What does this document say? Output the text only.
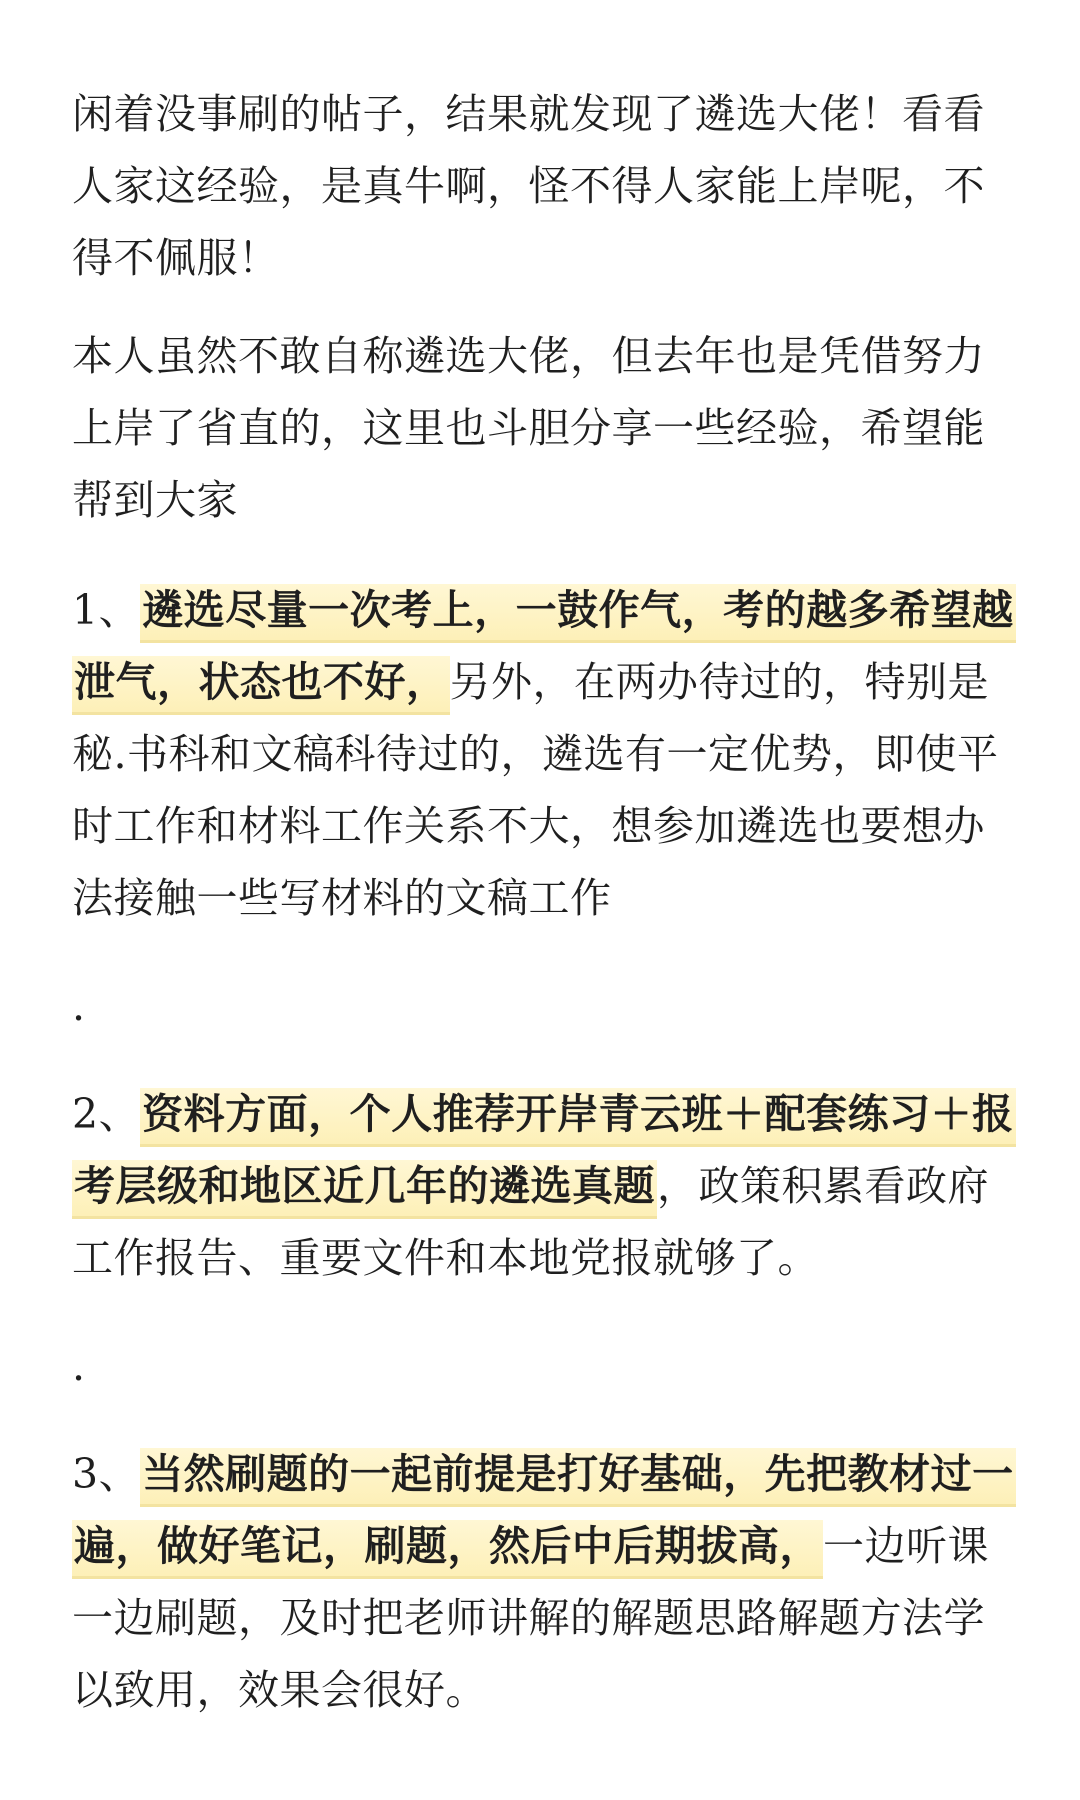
闲着没事刷的帖子，结果就发现了遴选大佬！看看人家这经验，是真牛啊，怪不得人家能上岸呢，不得不佩服！

本人虽然不敢自称遴选大佬，但去年也是凭借努力上岸了省直的，这里也斗胆分享一些经验，希望能帮到大家

1、遴选尽量一次考上，一鼓作气，考的越多希望越泄气，状态也不好，另外，在两办待过的，特别是秘.书科和文稿科待过的，遴选有一定优势，即使平时工作和材料工作关系不大，想参加遴选也要想办法接触一些写材料的文稿工作

.

2、资料方面，个人推荐开岸青云班＋配套练习＋报考层级和地区近几年的遴选真题，政策积累看政府工作报告、重要文件和本地党报就够了。

.

3、当然刷题的一起前提是打好基础，先把教材过一遍，做好笔记，刷题，然后中后期拔高，一边听课一边刷题，及时把老师讲解的解题思路解题方法学以致用，效果会很好。
